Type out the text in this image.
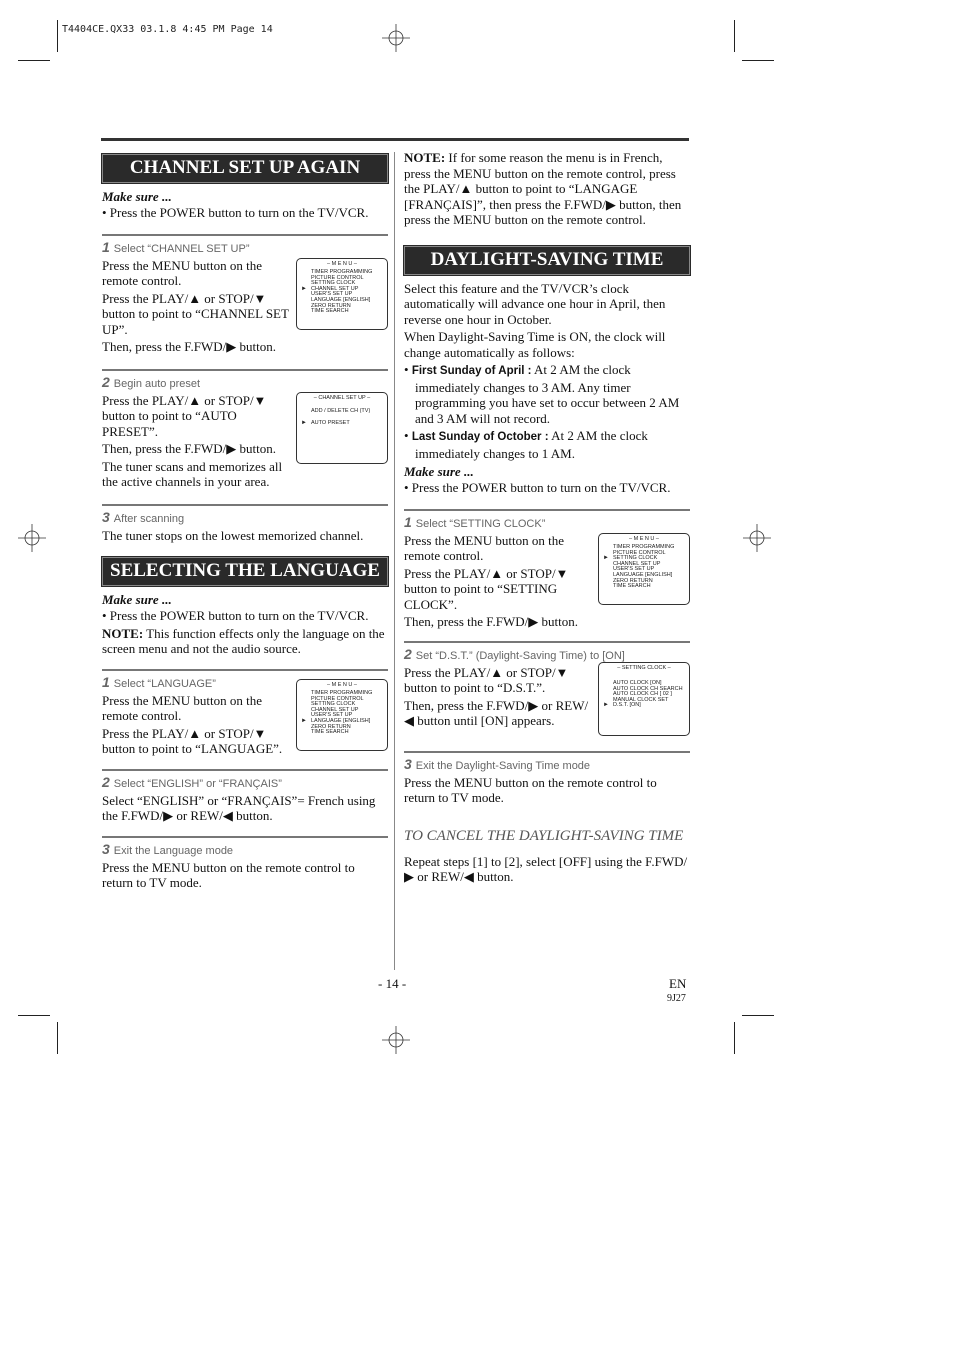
T4404CE.QX33 03.1.8 4:45 PM Page 14
CHANNEL SET UP AGAIN

Make sure ...

• Press the POWER button to turn on the TV/VCR.

1 Select “CHANNEL SET UP”

– M E N U –
TIMER PROGRAMMING
PICTURE CONTROL
SETTING CLOCK
► CHANNEL SET UP
USER'S SET UP
LANGUAGE [ENGLISH]
ZERO RETURN
TIME SEARCH

Press the MENU button on the remote control.

Press the PLAY/▲ or STOP/▼ button to point to “CHANNEL SET UP”.

Then, press the F.FWD/▶ button.

2 Begin auto preset

– CHANNEL SET UP –
ADD / DELETE CH (TV)
► AUTO PRESET

Press the PLAY/▲ or STOP/▼ button to point to “AUTO PRESET”.

Then, press the F.FWD/▶ button.

The tuner scans and memorizes all the active channels in your area.

3 After scanning

The tuner stops on the lowest memorized channel.

SELECTING THE LANGUAGE

Make sure ...

• Press the POWER button to turn on the TV/VCR.

NOTE: This function effects only the language on the screen menu and not the audio source.

1 Select “LANGUAGE”	– M E N U –
TIMER PROGRAMMING
PICTURE CONTROL
SETTING CLOCK
CHANNEL SET UP
USER'S SET UP
► LANGUAGE [ENGLISH]
ZERO RETURN
TIME SEARCH

Press the MENU button on the remote control.

Press the PLAY/▲ or STOP/▼ button to point to “LANGUAGE”.

2 Select “ENGLISH” or “FRANÇAIS”

Select “ENGLISH” or “FRANÇAIS”= French using the F.FWD/▶ or REW/◀ button.

3 Exit the Language mode

Press the MENU button on the remote control to return to TV mode.

NOTE: If for some reason the menu is in French, press the MENU button on the remote control, press the PLAY/▲ button to point to “LANGAGE [FRANÇAIS]”, then press the F.FWD/▶ button, then press the MENU button on the remote control.

DAYLIGHT-SAVING TIME

Select this feature and the TV/VCR’s clock automatically will advance one hour in April, then reverse one hour in October.

When Daylight-Saving Time is ON, the clock will change automatically as follows:

• First Sunday of April : At 2 AM the clock immediately changes to 3 AM. Any timer programming you have set to occur between 2 AM and 3 AM will not record.

• Last Sunday of October : At 2 AM the clock immediately changes to 1 AM.

Make sure ...

• Press the POWER button to turn on the TV/VCR.

1 Select “SETTING CLOCK”

– M E N U –
TIMER PROGRAMMING
PICTURE CONTROL
► SETTING CLOCK
CHANNEL SET UP
USER'S SET UP
LANGUAGE [ENGLISH]
ZERO RETURN
TIME SEARCH

Press the MENU button on the remote control.

Press the PLAY/▲ or STOP/▼ button to point to “SETTING CLOCK”.

Then, press the F.FWD/▶ button.

2 Set “D.S.T.” (Daylight-Saving Time) to [ON]

– SETTING CLOCK –
AUTO CLOCK [ON]
AUTO CLOCK CH SEARCH
AUTO CLOCK CH [ 02 ]
MANUAL CLOCK SET
► D.S.T. [ON]

Press the PLAY/▲ or STOP/▼ button to point to “D.S.T.”.

Then, press the F.FWD/▶ or REW/◀ button until [ON] appears.

3 Exit the Daylight-Saving Time mode

Press the MENU button on the remote control to return to TV mode.

TO CANCEL THE DAYLIGHT-SAVING TIME

Repeat steps [1] to [2], select [OFF] using the F.FWD/▶ or REW/◀ button.

- 14 -	EN
9J27
